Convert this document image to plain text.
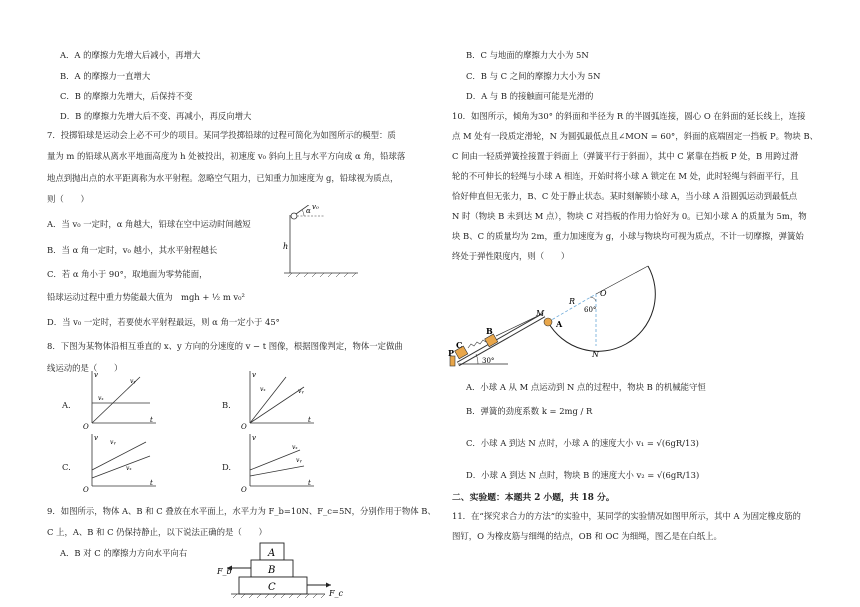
A．A 的摩擦力先增大后减小，再增大
B．A 的摩擦力一直增大
C．B 的摩擦力先增大，后保持不变
D．B 的摩擦力先增大后不变、再减小，再反向增大
7．投掷铅球是运动会上必不可少的项目。某同学投掷铅球的过程可简化为如图所示的模型：质
量为 m 的铅球从离水平地面高度为 h 处被投出，初速度 v₀ 斜向上且与水平方向成 α 角，铅球落
地点到抛出点的水平距离称为水平射程。忽略空气阻力，已知重力加速度为 g，铅球视为质点，
则（　　）
A．当 v₀ 一定时，α 角越大，铅球在空中运动时间越短
B．当 α 角一定时，v₀ 越小，其水平射程越长
C．若 α 角小于 90°，取地面为零势能面，
铅球运动过程中重力势能最大值为　mgh + ½ m v₀²
D．当 v₀ 一定时，若要使水平射程最远，则 α 角一定小于 45°
v₀
α
h
8．下图为某物体沿相互垂直的 x、y 方向的分速度的 v − t 图像，根据图像判定，物体一定做曲
线运动的是（　　）
A.
v
t
O
vₓ
vᵧ
B.
v
t
O
vₓ	vᵧ
C.
v
t
O
vᵧ
vₓ	D.
v
t
O
vₓ
vᵧ
9．如图所示，物体 A、B 和 C 叠放在水平面上，水平力为 F_b=10N、F_c=5N，分别作用于物体 B、
C 上，A、B 和 C 仍保持静止，以下说法正确的是（　　）
A．B 对 C 的摩擦力方向水平向右	A
B
C
F_b
F_c
B．C 与地面的摩擦力大小为 5N
C．B 与 C 之间的摩擦力大小为 5N
D．A 与 B 的接触面可能是光滑的
10．如图所示，倾角为30° 的斜面和半径为 R 的半圆弧连接，圆心 O 在斜面的延长线上，连接
点 M 处有一段质定滑轮，N 为圆弧最低点且∠MON = 60°，斜面的底端固定一挡板 P。物块 B、
C 间由一轻质弹簧拴接置于斜面上（弹簧平行于斜面），其中 C 紧靠在挡板 P 处，B 用跨过滑
轮的不可伸长的轻绳与小球 A 相连，开始时将小球 A 锁定在 M 处，此时轻绳与斜面平行，且
恰好伸直但无张力，B、C 处于静止状态。某时刻解锁小球 A，当小球 A 沿圆弧运动到最低点
N 时（物块 B 未到达 M 点），物块 C 对挡板的作用力恰好为 0。已知小球 A 的质量为 5m，物
块 B、C 的质量均为 2m，重力加速度为 g，小球与物块均可视为质点，不计一切摩擦，弹簧始
终处于弹性限度内，则（　　）
R
O
60°
M
A
B
C
P	N
30°
A．小球 A 从 M 点运动到 N 点的过程中，物块 B 的机械能守恒
B．弹簧的劲度系数 k = 2mg / R
C．小球 A 到达 N 点时，小球 A 的速度大小 v₁ = √(6gR/13)
D．小球 A 到达 N 点时，物块 B 的速度大小 v₂ = √(6gR/13)
二、实验题：本题共 2 小题，共 18 分。
11．在“探究求合力的方法”的实验中，某同学的实验情况如图甲所示，其中 A 为固定橡皮筋的
图钉，O 为橡皮筋与细绳的结点，OB 和 OC 为细绳，图乙是在白纸上。
